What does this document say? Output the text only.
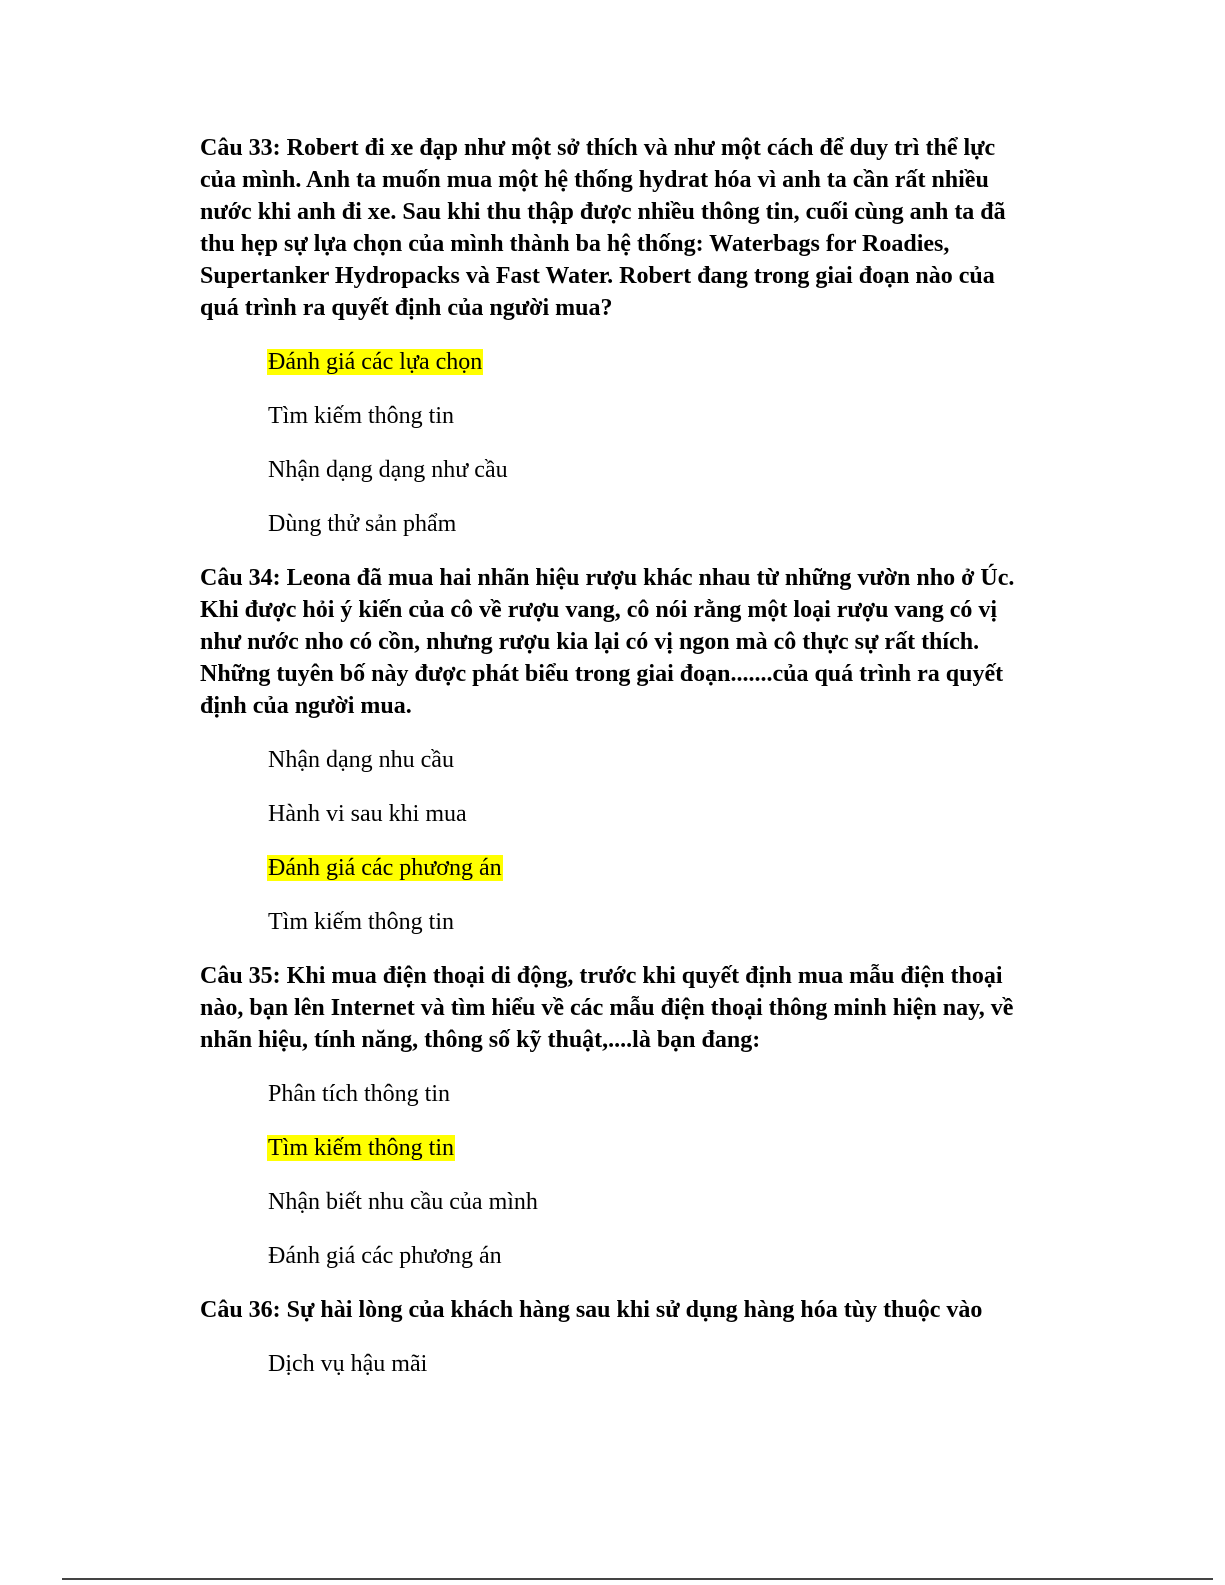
Câu 33: Robert đi xe đạp như một sở thích và như một cách để duy trì thể lực của mình. Anh ta muốn mua một hệ thống hydrat hóa vì anh ta cần rất nhiều nước khi anh đi xe. Sau khi thu thập được nhiều thông tin, cuối cùng anh ta đã thu hẹp sự lựa chọn của mình thành ba hệ thống: Waterbags for Roadies, Supertanker Hydropacks và Fast Water. Robert đang trong giai đoạn nào của quá trình ra quyết định của người mua?

Đánh giá các lựa chọn
Tìm kiếm thông tin
Nhận dạng dạng như cầu
Dùng thử sản phẩm

Câu 34: Leona đã mua hai nhãn hiệu rượu khác nhau từ những vườn nho ở Úc. Khi được hỏi ý kiến của cô về rượu vang, cô nói rằng một loại rượu vang có vị như nước nho có cồn, nhưng rượu kia lại có vị ngon mà cô thực sự rất thích. Những tuyên bố này được phát biểu trong giai đoạn.......của quá trình ra quyết định của người mua.

Nhận dạng nhu cầu
Hành vi sau khi mua
Đánh giá các phương án
Tìm kiếm thông tin

Câu 35: Khi mua điện thoại di động, trước khi quyết định mua mẫu điện thoại nào, bạn lên Internet và tìm hiểu về các mẫu điện thoại thông minh hiện nay, về nhãn hiệu, tính năng, thông số kỹ thuật,....là bạn đang:

Phân tích thông tin
Tìm kiếm thông tin
Nhận biết nhu cầu của mình
Đánh giá các phương án

Câu 36: Sự hài lòng của khách hàng sau khi sử dụng hàng hóa tùy thuộc vào

Dịch vụ hậu mãi
